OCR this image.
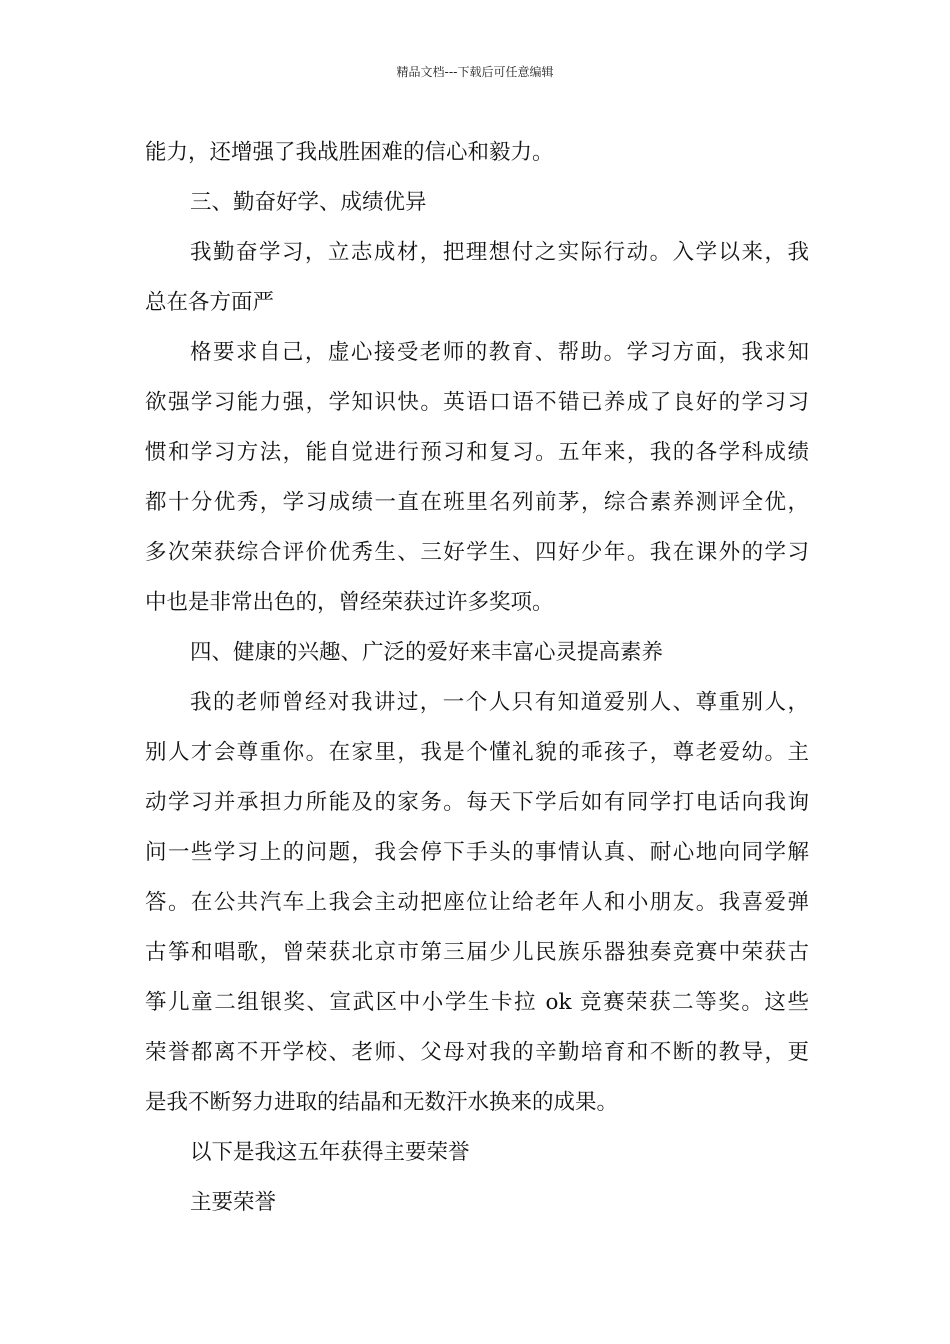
精品文档---下载后可任意编辑
能力，还增强了我战胜困难的信心和毅力。
三、勤奋好学、成绩优异
我勤奋学习，立志成材，把理想付之实际行动。入学以来，我
总在各方面严
格要求自己，虚心接受老师的教育、帮助。学习方面，我求知
欲强学习能力强，学知识快。英语口语不错已养成了良好的学习习
惯和学习方法，能自觉进行预习和复习。五年来，我的各学科成绩
都十分优秀，学习成绩一直在班里名列前茅，综合素养测评全优，
多次荣获综合评价优秀生、三好学生、四好少年。我在课外的学习
中也是非常出色的，曾经荣获过许多奖项。
四、健康的兴趣、广泛的爱好来丰富心灵提高素养
我的老师曾经对我讲过，一个人只有知道爱别人、尊重别人，
别人才会尊重你。在家里，我是个懂礼貌的乖孩子，尊老爱幼。主
动学习并承担力所能及的家务。每天下学后如有同学打电话向我询
问一些学习上的问题，我会停下手头的事情认真、耐心地向同学解
答。在公共汽车上我会主动把座位让给老年人和小朋友。我喜爱弹
古筝和唱歌，曾荣获北京市第三届少儿民族乐器独奏竞赛中荣获古
筝儿童二组银奖、宣武区中小学生卡拉 ok 竞赛荣获二等奖。这些
荣誉都离不开学校、老师、父母对我的辛勤培育和不断的教导，更
是我不断努力进取的结晶和无数汗水换来的成果。
以下是我这五年获得主要荣誉
主要荣誉
